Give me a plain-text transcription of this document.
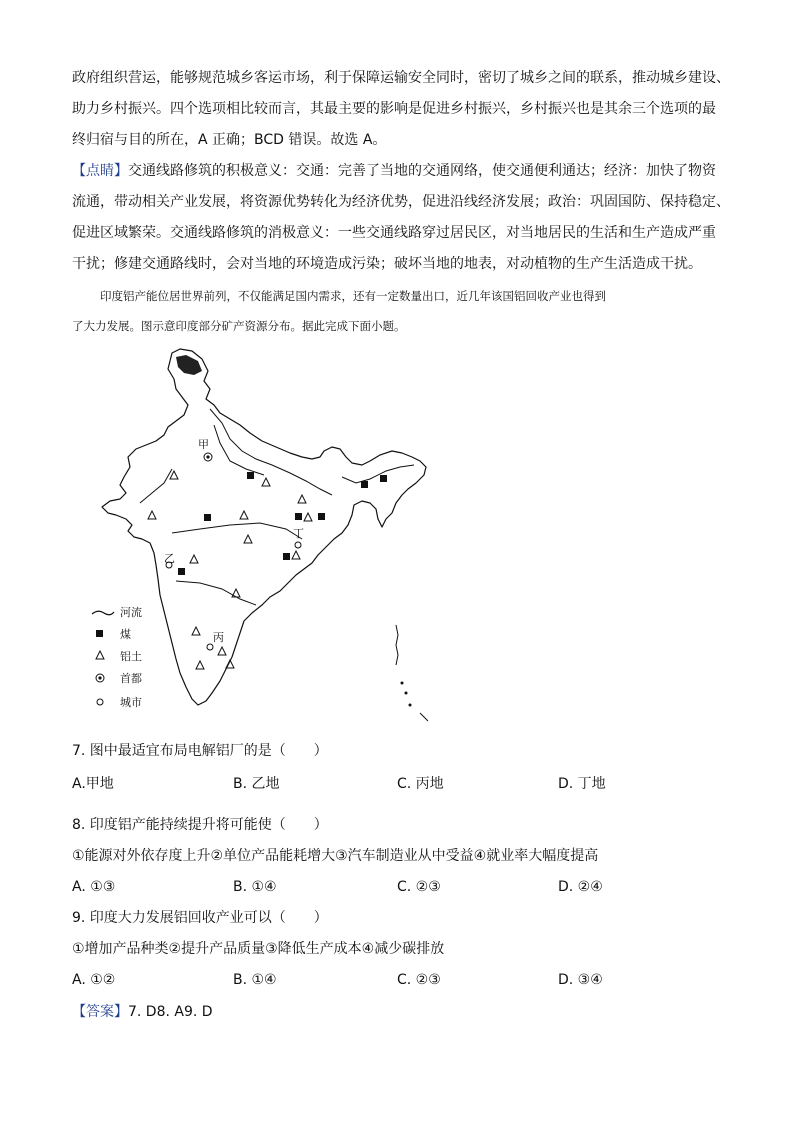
政府组织营运，能够规范城乡客运市场，利于保障运输安全同时，密切了城乡之间的联系，推动城乡建设、
助力乡村振兴。四个选项相比较而言，其最主要的影响是促进乡村振兴，乡村振兴也是其余三个选项的最
终归宿与目的所在，A 正确；BCD 错误。故选 A。
【点睛】交通线路修筑的积极意义：交通：完善了当地的交通网络，使交通便利通达；经济：加快了物资
流通，带动相关产业发展，将资源优势转化为经济优势，促进沿线经济发展；政治：巩固国防、保持稳定、
促进区域繁荣。交通线路修筑的消极意义：一些交通线路穿过居民区，对当地居民的生活和生产造成严重
干扰；修建交通路线时，会对当地的环境造成污染；破坏当地的地表，对动植物的生产生活造成干扰。
印度铝产能位居世界前列，不仅能满足国内需求，还有一定数量出口，近几年该国铝回收产业也得到
了大力发展。图示意印度部分矿产资源分布。据此完成下面小题。
甲
乙
丁
丙
河流
煤
铝土
首都
城市
7. 图中最适宜布局电解铝厂的是（　　）
A.甲地	B. 乙地	C. 丙地	D. 丁地
8. 印度铝产能持续提升将可能使（　　）
①能源对外依存度上升②单位产品能耗增大③汽车制造业从中受益④就业率大幅度提高
A. ①③	B. ①④	C. ②③	D. ②④
9. 印度大力发展铝回收产业可以（　　）
①增加产品种类②提升产品质量③降低生产成本④减少碳排放
A. ①②	B. ①④	C. ②③	D. ③④
【答案】7. D8. A9. D
